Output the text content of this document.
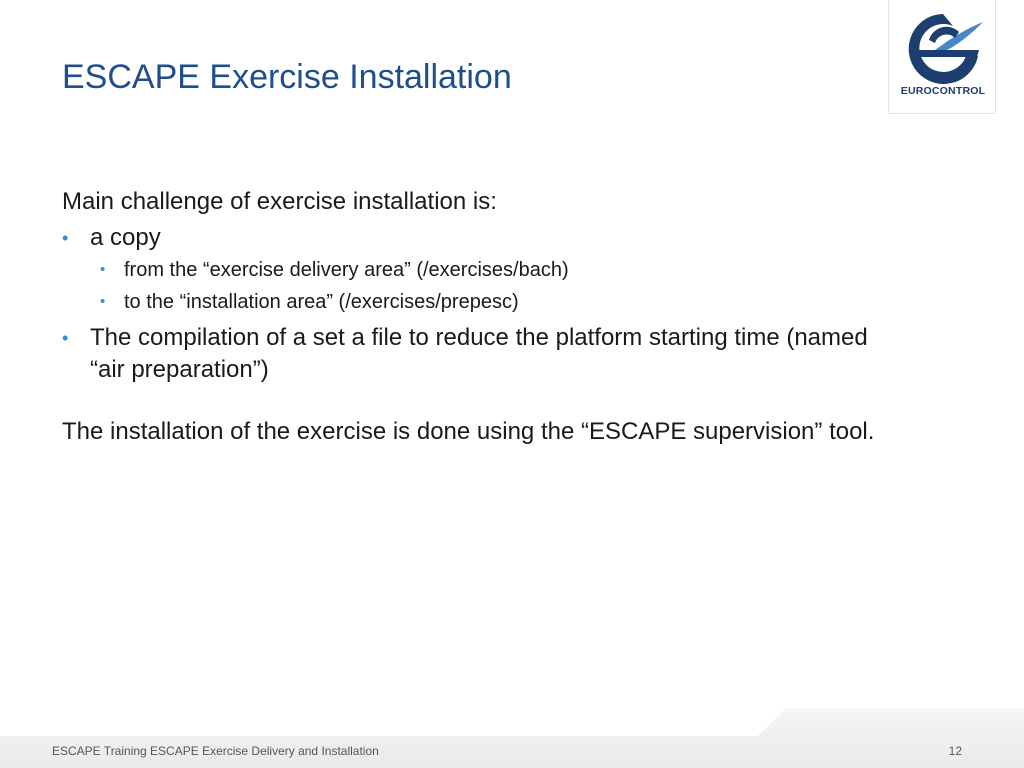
ESCAPE Exercise Installation	EUROCONTROL

Main challenge of exercise installation is:

• a copy

• from the “exercise delivery area” (/exercises/bach)

• to the “installation area” (/exercises/prepesc)

• The compilation of a set a file to reduce the platform starting time (named
“air preparation”)

The installation of the exercise is done using the “ESCAPE supervision” tool.

ESCAPE Training ESCAPE Exercise Delivery and Installation	12
